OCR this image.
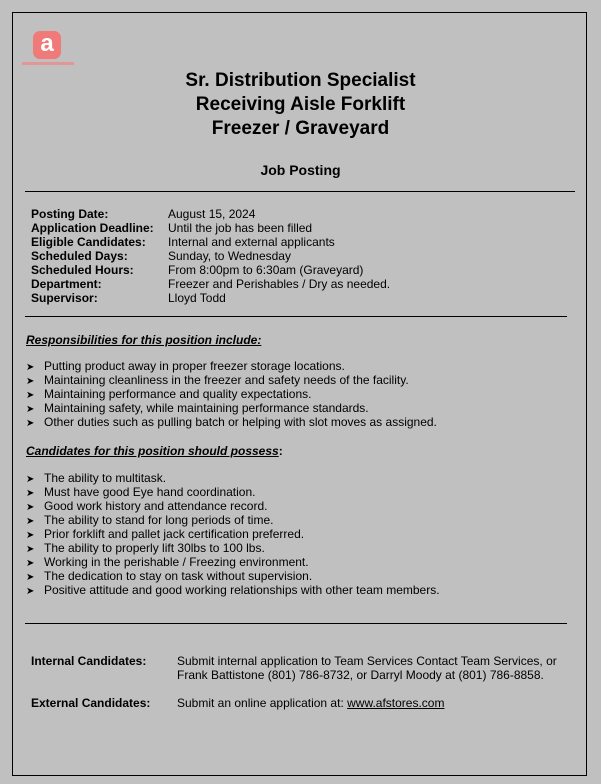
a
Sr. Distribution Specialist
Receiving Aisle Forklift
Freezer / Graveyard
Job Posting
Posting Date:	August 15, 2024
Application Deadline: Until the job has been filled
Eligible Candidates: Internal and external applicants
Scheduled Days:	Sunday, to Wednesday
Scheduled Hours:	From 8:00pm to 6:30am (Graveyard)
Department:	Freezer and Perishables / Dry as needed.
Supervisor:	Lloyd Todd
Responsibilities for this position include:
➤ Putting product away in proper freezer storage locations.
➤ Maintaining cleanliness in the freezer and safety needs of the facility.
➤ Maintaining performance and quality expectations.
➤ Maintaining safety, while maintaining performance standards.
➤ Other duties such as pulling batch or helping with slot moves as assigned.
Candidates for this position should possess:
➤ The ability to multitask.
➤ Must have good Eye hand coordination.
➤ Good work history and attendance record.
➤ The ability to stand for long periods of time.
➤ Prior forklift and pallet jack certification preferred.
➤ The ability to properly lift 30lbs to 100 lbs.
➤ Working in the perishable / Freezing environment.
➤ The dedication to stay on task without supervision.
➤ Positive attitude and good working relationships with other team members.
Internal Candidates:	Submit internal application to Team Services Contact Team Services, or Frank Battistone (801) 786-8732, or Darryl Moody at (801) 786-8858.
External Candidates:	Submit an online application at: www.afstores.com
